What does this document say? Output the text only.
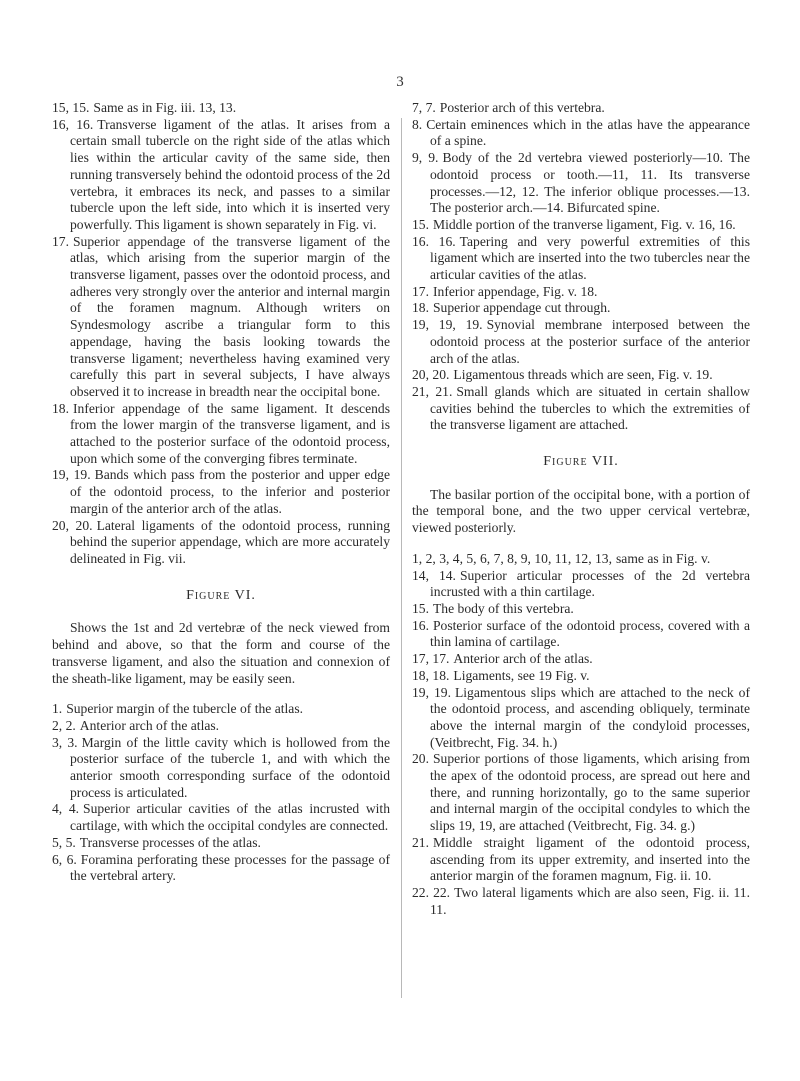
3

15, 15. Same as in Fig. iii. 13, 13.

16, 16. Transverse ligament of the atlas. It arises from a certain small tubercle on the right side of the atlas which lies within the articular cavity of the same side, then running transversely behind the odontoid process of the 2d vertebra, it embraces its neck, and passes to a similar tubercle upon the left side, into which it is inserted very powerfully. This ligament is shown separately in Fig. vi.

17. Superior appendage of the transverse ligament of the atlas, which arising from the superior margin of the transverse ligament, passes over the odontoid process, and adheres very strongly over the anterior and internal margin of the foramen magnum. Although writers on Syndesmology ascribe a triangular form to this appendage, having the basis looking towards the transverse ligament; nevertheless having examined very carefully this part in several subjects, I have always observed it to increase in breadth near the occipital bone.

18. Inferior appendage of the same ligament. It descends from the lower margin of the transverse ligament, and is attached to the posterior surface of the odontoid process, upon which some of the converging fibres terminate.

19, 19. Bands which pass from the posterior and upper edge of the odontoid process, to the inferior and posterior margin of the anterior arch of the atlas.

20, 20. Lateral ligaments of the odontoid process, running behind the superior appendage, which are more accurately delineated in Fig. vii.

Figure VI.

Shows the 1st and 2d vertebræ of the neck viewed from behind and above, so that the form and course of the transverse ligament, and also the situation and connexion of the sheath-like ligament, may be easily seen.

1. Superior margin of the tubercle of the atlas.

2, 2. Anterior arch of the atlas.

3, 3. Margin of the little cavity which is hollowed from the posterior surface of the tubercle 1, and with which the anterior smooth corresponding surface of the odontoid process is articulated.

4, 4. Superior articular cavities of the atlas incrusted with cartilage, with which the occipital condyles are connected.

5, 5. Transverse processes of the atlas.

6, 6. Foramina perforating these processes for the passage of the vertebral artery.

7, 7. Posterior arch of this vertebra.

8. Certain eminences which in the atlas have the appearance of a spine.

9, 9. Body of the 2d vertebra viewed posteriorly—10. The odontoid process or tooth.—11, 11. Its transverse processes.—12, 12. The inferior oblique processes.—13. The posterior arch.—14. Bifurcated spine.

15. Middle portion of the tranverse ligament, Fig. v. 16, 16.

16. 16. Tapering and very powerful extremities of this ligament which are inserted into the two tubercles near the articular cavities of the atlas.

17. Inferior appendage, Fig. v. 18.

18. Superior appendage cut through.

19, 19, 19. Synovial membrane interposed between the odontoid process at the posterior surface of the anterior arch of the atlas.

20, 20. Ligamentous threads which are seen, Fig. v. 19.

21, 21. Small glands which are situated in certain shallow cavities behind the tubercles to which the extremities of the transverse ligament are attached.

Figure VII.

The basilar portion of the occipital bone, with a portion of the temporal bone, and the two upper cervical vertebræ, viewed posteriorly.

1, 2, 3, 4, 5, 6, 7, 8, 9, 10, 11, 12, 13, same as in Fig. v.

14, 14. Superior articular processes of the 2d vertebra incrusted with a thin cartilage.

15. The body of this vertebra.

16. Posterior surface of the odontoid process, covered with a thin lamina of cartilage.

17, 17. Anterior arch of the atlas.

18, 18. Ligaments, see 19 Fig. v.

19, 19. Ligamentous slips which are attached to the neck of the odontoid process, and ascending obliquely, terminate above the internal margin of the condyloid processes, (Veitbrecht, Fig. 34. h.)

20. Superior portions of those ligaments, which arising from the apex of the odontoid process, are spread out here and there, and running horizontally, go to the same superior and internal margin of the occipital condyles to which the slips 19, 19, are attached (Veitbrecht, Fig. 34. g.)

21. Middle straight ligament of the odontoid process, ascending from its upper extremity, and inserted into the anterior margin of the foramen magnum, Fig. ii. 10.

22. 22. Two lateral ligaments which are also seen, Fig. ii. 11. 11.
